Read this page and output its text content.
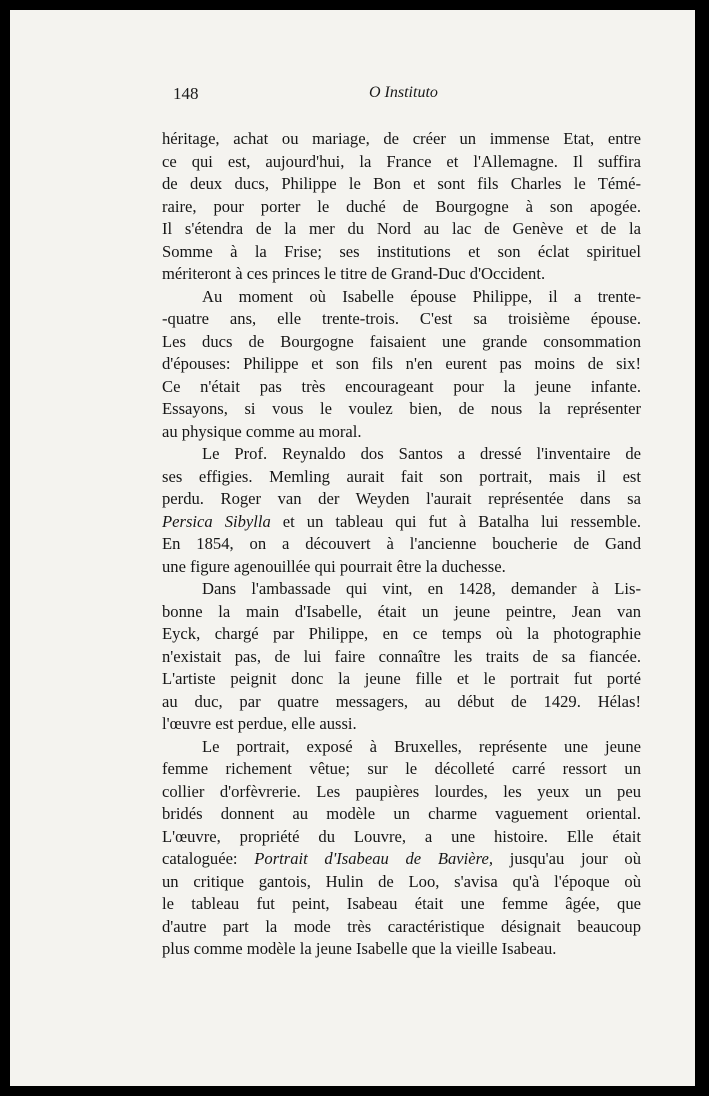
148	O Instituto
héritage, achat ou mariage, de créer un immense Etat, entre
ce qui est, aujourd'hui, la France et l'Allemagne. Il suffira
de deux ducs, Philippe le Bon et sont fils Charles le Témé-
raire, pour porter le duché de Bourgogne à son apogée.
Il s'étendra de la mer du Nord au lac de Genève et de la
Somme à la Frise; ses institutions et son éclat spirituel
mériteront à ces princes le titre de Grand-Duc d'Occident.
Au moment où Isabelle épouse Philippe, il a trente-
-quatre ans, elle trente-trois. C'est sa troisième épouse.
Les ducs de Bourgogne faisaient une grande consommation
d'épouses: Philippe et son fils n'en eurent pas moins de six!
Ce n'était pas très encourageant pour la jeune infante.
Essayons, si vous le voulez bien, de nous la représenter
au physique comme au moral.
Le Prof. Reynaldo dos Santos a dressé l'inventaire de
ses effigies. Memling aurait fait son portrait, mais il est
perdu. Roger van der Weyden l'aurait représentée dans sa
Persica Sibylla et un tableau qui fut à Batalha lui ressemble.
En 1854, on a découvert à l'ancienne boucherie de Gand
une figure agenouillée qui pourrait être la duchesse.
Dans l'ambassade qui vint, en 1428, demander à Lis-
bonne la main d'Isabelle, était un jeune peintre, Jean van
Eyck, chargé par Philippe, en ce temps où la photographie
n'existait pas, de lui faire connaître les traits de sa fiancée.
L'artiste peignit donc la jeune fille et le portrait fut porté
au duc, par quatre messagers, au début de 1429. Hélas!
l'œuvre est perdue, elle aussi.
Le portrait, exposé à Bruxelles, représente une jeune
femme richement vêtue; sur le décolleté carré ressort un
collier d'orfèvrerie. Les paupières lourdes, les yeux un peu
bridés donnent au modèle un charme vaguement oriental.
L'œuvre, propriété du Louvre, a une histoire. Elle était
cataloguée: Portrait d'Isabeau de Bavière, jusqu'au jour où
un critique gantois, Hulin de Loo, s'avisa qu'à l'époque où
le tableau fut peint, Isabeau était une femme âgée, que
d'autre part la mode très caractéristique désignait beaucoup
plus comme modèle la jeune Isabelle que la vieille Isabeau.
